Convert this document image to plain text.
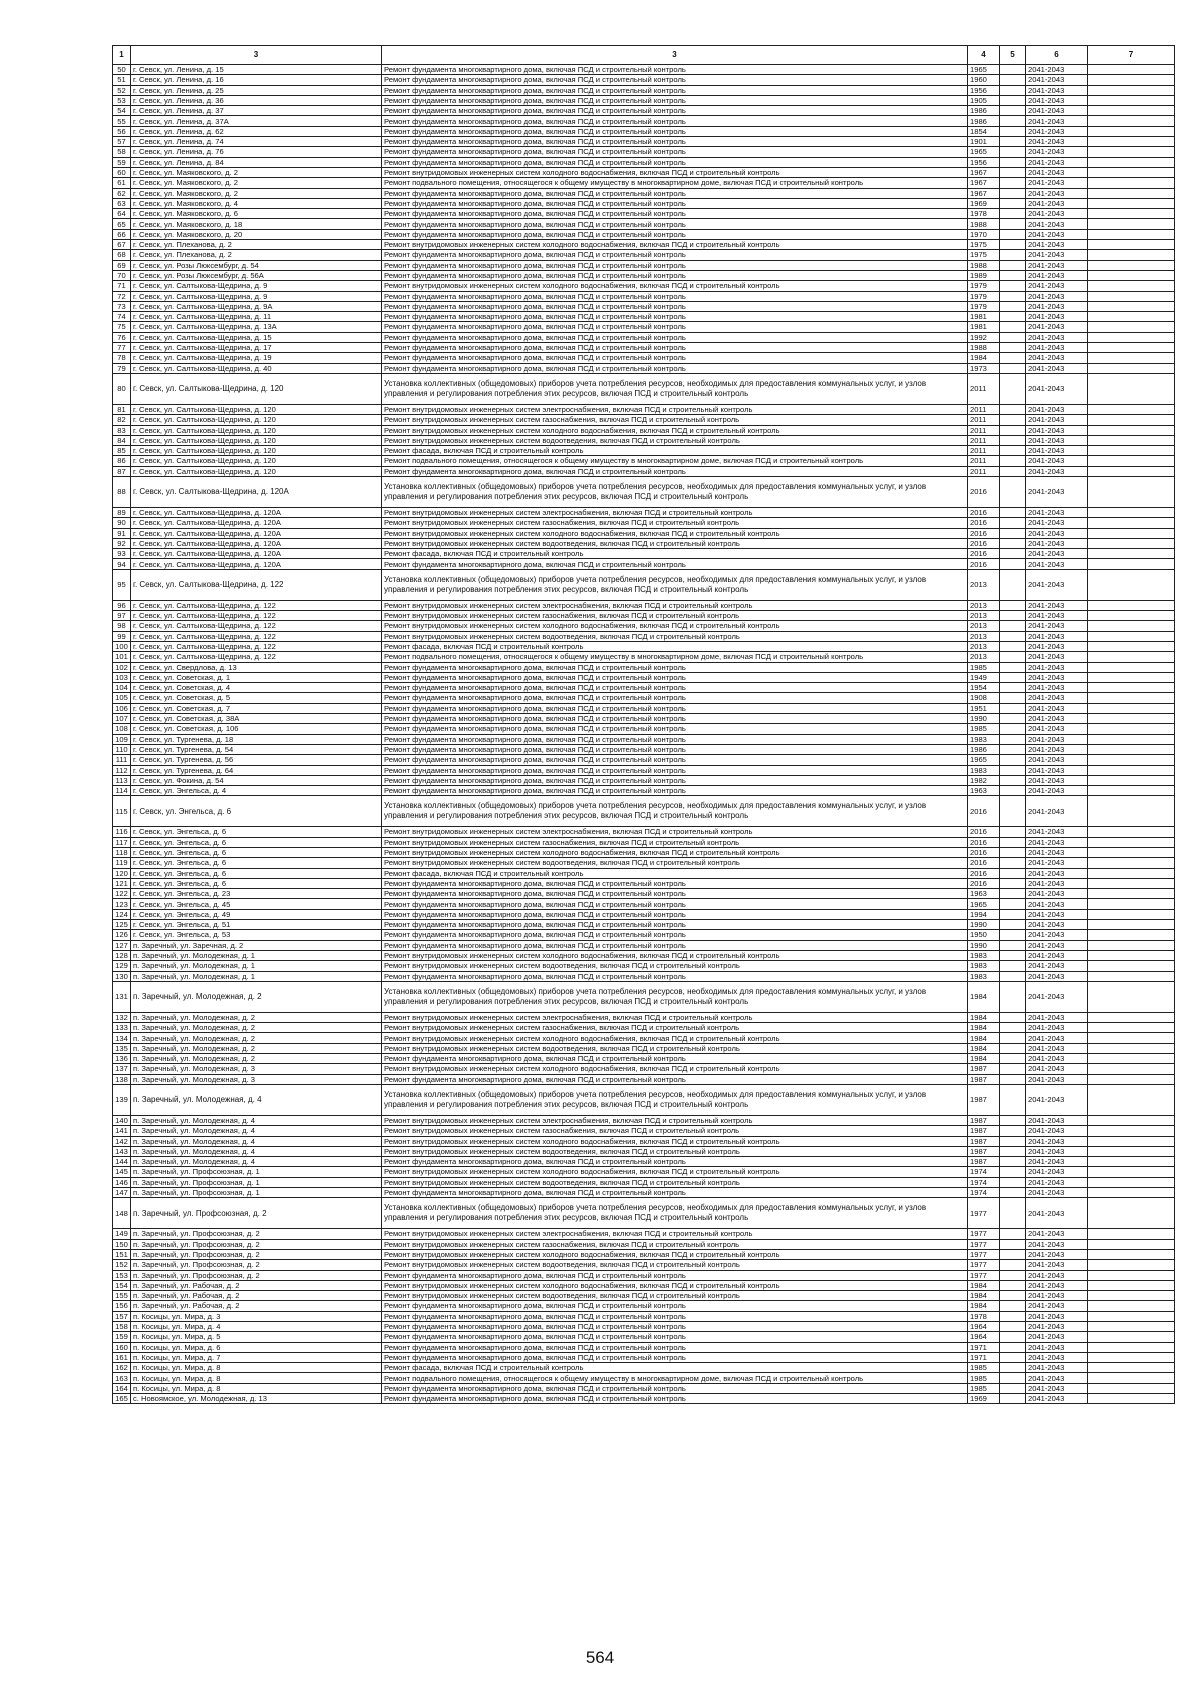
1	3	3	4	5	6	7
50	г. Севск, ул. Ленина, д. 15	Ремонт фундамента многоквартирного дома, включая ПСД и строительный контроль	1965		2041-2043	
51	г. Севск, ул. Ленина, д. 16	Ремонт фундамента многоквартирного дома, включая ПСД и строительный контроль	1960		2041-2043	
52	г. Севск, ул. Ленина, д. 25	Ремонт фундамента многоквартирного дома, включая ПСД и строительный контроль	1956		2041-2043	
53	г. Севск, ул. Ленина, д. 36	Ремонт фундамента многоквартирного дома, включая ПСД и строительный контроль	1905		2041-2043	
54	г. Севск, ул. Ленина, д. 37	Ремонт фундамента многоквартирного дома, включая ПСД и строительный контроль	1986		2041-2043	
55	г. Севск, ул. Ленина, д. 37А	Ремонт фундамента многоквартирного дома, включая ПСД и строительный контроль	1986		2041-2043	
56	г. Севск, ул. Ленина, д. 62	Ремонт фундамента многоквартирного дома, включая ПСД и строительный контроль	1854		2041-2043	
57	г. Севск, ул. Ленина, д. 74	Ремонт фундамента многоквартирного дома, включая ПСД и строительный контроль	1901		2041-2043	
58	г. Севск, ул. Ленина, д. 76	Ремонт фундамента многоквартирного дома, включая ПСД и строительный контроль	1965		2041-2043	
59	г. Севск, ул. Ленина, д. 84	Ремонт фундамента многоквартирного дома, включая ПСД и строительный контроль	1956		2041-2043	
60	г. Севск, ул. Маяковского, д. 2	Ремонт внутридомовых инженерных систем холодного водоснабжения, включая ПСД и строительный контроль	1967		2041-2043	
61	г. Севск, ул. Маяковского, д. 2	Ремонт подвального помещения, относящегося к общему имуществу в многоквартирном доме, включая ПСД и строительный контроль	1967		2041-2043	
62	г. Севск, ул. Маяковского, д. 2	Ремонт фундамента многоквартирного дома, включая ПСД и строительный контроль	1967		2041-2043	
63	г. Севск, ул. Маяковского, д. 4	Ремонт фундамента многоквартирного дома, включая ПСД и строительный контроль	1969		2041-2043	
64	г. Севск, ул. Маяковского, д. 6	Ремонт фундамента многоквартирного дома, включая ПСД и строительный контроль	1978		2041-2043	
65	г. Севск, ул. Маяковского, д. 18	Ремонт фундамента многоквартирного дома, включая ПСД и строительный контроль	1988		2041-2043	
66	г. Севск, ул. Маяковского, д. 20	Ремонт фундамента многоквартирного дома, включая ПСД и строительный контроль	1970		2041-2043	
67	г. Севск, ул. Плеханова, д. 2	Ремонт внутридомовых инженерных систем холодного водоснабжения, включая ПСД и строительный контроль	1975		2041-2043	
68	г. Севск, ул. Плеханова, д. 2	Ремонт фундамента многоквартирного дома, включая ПСД и строительный контроль	1975		2041-2043	
69	г. Севск, ул. Розы Люксембург, д. 54	Ремонт фундамента многоквартирного дома, включая ПСД и строительный контроль	1988		2041-2043	
70	г. Севск, ул. Розы Люксембург, д. 56А	Ремонт фундамента многоквартирного дома, включая ПСД и строительный контроль	1989		2041-2043	
71	г. Севск, ул. Салтыкова-Щедрина, д. 9	Ремонт внутридомовых инженерных систем холодного водоснабжения, включая ПСД и строительный контроль	1979		2041-2043	
72	г. Севск, ул. Салтыкова-Щедрина, д. 9	Ремонт фундамента многоквартирного дома, включая ПСД и строительный контроль	1979		2041-2043	
73	г. Севск, ул. Салтыкова-Щедрина, д. 9А	Ремонт фундамента многоквартирного дома, включая ПСД и строительный контроль	1979		2041-2043	
74	г. Севск, ул. Салтыкова-Щедрина, д. 11	Ремонт фундамента многоквартирного дома, включая ПСД и строительный контроль	1981		2041-2043	
75	г. Севск, ул. Салтыкова-Щедрина, д. 13А	Ремонт фундамента многоквартирного дома, включая ПСД и строительный контроль	1981		2041-2043	
76	г. Севск, ул. Салтыкова-Щедрина, д. 15	Ремонт фундамента многоквартирного дома, включая ПСД и строительный контроль	1992		2041-2043	
77	г. Севск, ул. Салтыкова-Щедрина, д. 17	Ремонт фундамента многоквартирного дома, включая ПСД и строительный контроль	1988		2041-2043	
78	г. Севск, ул. Салтыкова-Щедрина, д. 19	Ремонт фундамента многоквартирного дома, включая ПСД и строительный контроль	1984		2041-2043	
79	г. Севск, ул. Салтыкова-Щедрина, д. 40	Ремонт фундамента многоквартирного дома, включая ПСД и строительный контроль	1973		2041-2043	
80	г. Севск, ул. Салтыкова-Щедрина, д. 120	Установка коллективных (общедомовых) приборов учета потребления ресурсов, необходимых для предоставления коммунальных услуг, и узлов управления и регулирования потребления этих ресурсов, включая ПСД и строительный контроль	2011		2041-2043	
81	г. Севск, ул. Салтыкова-Щедрина, д. 120	Ремонт внутридомовых инженерных систем электроснабжения, включая ПСД и строительный контроль	2011		2041-2043	
82	г. Севск, ул. Салтыкова-Щедрина, д. 120	Ремонт внутридомовых инженерных систем газоснабжения, включая ПСД и строительный контроль	2011		2041-2043	
83	г. Севск, ул. Салтыкова-Щедрина, д. 120	Ремонт внутридомовых инженерных систем холодного водоснабжения, включая ПСД и строительный контроль	2011		2041-2043	
84	г. Севск, ул. Салтыкова-Щедрина, д. 120	Ремонт внутридомовых инженерных систем водоотведения, включая ПСД и строительный контроль	2011		2041-2043	
85	г. Севск, ул. Салтыкова-Щедрина, д. 120	Ремонт фасада, включая ПСД и строительный контроль	2011		2041-2043	
86	г. Севск, ул. Салтыкова-Щедрина, д. 120	Ремонт подвального помещения, относящегося к общему имуществу в многоквартирном доме, включая ПСД и строительный контроль	2011		2041-2043	
87	г. Севск, ул. Салтыкова-Щедрина, д. 120	Ремонт фундамента многоквартирного дома, включая ПСД и строительный контроль	2011		2041-2043	
88	г. Севск, ул. Салтыкова-Щедрина, д. 120А	Установка коллективных (общедомовых) приборов учета потребления ресурсов, необходимых для предоставления коммунальных услуг, и узлов управления и регулирования потребления этих ресурсов, включая ПСД и строительный контроль	2016		2041-2043	
89	г. Севск, ул. Салтыкова-Щедрина, д. 120А	Ремонт внутридомовых инженерных систем электроснабжения, включая ПСД и строительный контроль	2016		2041-2043	
90	г. Севск, ул. Салтыкова-Щедрина, д. 120А	Ремонт внутридомовых инженерных систем газоснабжения, включая ПСД и строительный контроль	2016		2041-2043	
91	г. Севск, ул. Салтыкова-Щедрина, д. 120А	Ремонт внутридомовых инженерных систем холодного водоснабжения, включая ПСД и строительный контроль	2016		2041-2043	
92	г. Севск, ул. Салтыкова-Щедрина, д. 120А	Ремонт внутридомовых инженерных систем водоотведения, включая ПСД и строительный контроль	2016		2041-2043	
93	г. Севск, ул. Салтыкова-Щедрина, д. 120А	Ремонт фасада, включая ПСД и строительный контроль	2016		2041-2043	
94	г. Севск, ул. Салтыкова-Щедрина, д. 120А	Ремонт фундамента многоквартирного дома, включая ПСД и строительный контроль	2016		2041-2043	
95	г. Севск, ул. Салтыкова-Щедрина, д. 122	Установка коллективных (общедомовых) приборов учета потребления ресурсов, необходимых для предоставления коммунальных услуг, и узлов управления и регулирования потребления этих ресурсов, включая ПСД и строительный контроль	2013		2041-2043	
96	г. Севск, ул. Салтыкова-Щедрина, д. 122	Ремонт внутридомовых инженерных систем электроснабжения, включая ПСД и строительный контроль	2013		2041-2043	
97	г. Севск, ул. Салтыкова-Щедрина, д. 122	Ремонт внутридомовых инженерных систем газоснабжения, включая ПСД и строительный контроль	2013		2041-2043	
98	г. Севск, ул. Салтыкова-Щедрина, д. 122	Ремонт внутридомовых инженерных систем холодного водоснабжения, включая ПСД и строительный контроль	2013		2041-2043	
99	г. Севск, ул. Салтыкова-Щедрина, д. 122	Ремонт внутридомовых инженерных систем водоотведения, включая ПСД и строительный контроль	2013		2041-2043	
100	г. Севск, ул. Салтыкова-Щедрина, д. 122	Ремонт фасада, включая ПСД и строительный контроль	2013		2041-2043	
101	г. Севск, ул. Салтыкова-Щедрина, д. 122	Ремонт подвального помещения, относящегося к общему имуществу в многоквартирном доме, включая ПСД и строительный контроль	2013		2041-2043	
102	г. Севск, ул. Свердлова, д. 13	Ремонт фундамента многоквартирного дома, включая ПСД и строительный контроль	1985		2041-2043	
103	г. Севск, ул. Советская, д. 1	Ремонт фундамента многоквартирного дома, включая ПСД и строительный контроль	1949		2041-2043	
104	г. Севск, ул. Советская, д. 4	Ремонт фундамента многоквартирного дома, включая ПСД и строительный контроль	1954		2041-2043	
105	г. Севск, ул. Советская, д. 5	Ремонт фундамента многоквартирного дома, включая ПСД и строительный контроль	1908		2041-2043	
106	г. Севск, ул. Советская, д. 7	Ремонт фундамента многоквартирного дома, включая ПСД и строительный контроль	1951		2041-2043	
107	г. Севск, ул. Советская, д. 38А	Ремонт фундамента многоквартирного дома, включая ПСД и строительный контроль	1990		2041-2043	
108	г. Севск, ул. Советская, д. 106	Ремонт фундамента многоквартирного дома, включая ПСД и строительный контроль	1985		2041-2043	
109	г. Севск, ул. Тургенева, д. 18	Ремонт фундамента многоквартирного дома, включая ПСД и строительный контроль	1983		2041-2043	
110	г. Севск, ул. Тургенева, д. 54	Ремонт фундамента многоквартирного дома, включая ПСД и строительный контроль	1986		2041-2043	
111	г. Севск, ул. Тургенева, д. 56	Ремонт фундамента многоквартирного дома, включая ПСД и строительный контроль	1965		2041-2043	
112	г. Севск, ул. Тургенева, д. 64	Ремонт фундамента многоквартирного дома, включая ПСД и строительный контроль	1983		2041-2043	
113	г. Севск, ул. Фокина, д. 54	Ремонт фундамента многоквартирного дома, включая ПСД и строительный контроль	1982		2041-2043	
114	г. Севск, ул. Энгельса, д. 4	Ремонт фундамента многоквартирного дома, включая ПСД и строительный контроль	1963		2041-2043	
115	г. Севск, ул. Энгельса, д. 6	Установка коллективных (общедомовых) приборов учета потребления ресурсов, необходимых для предоставления коммунальных услуг, и узлов управления и регулирования потребления этих ресурсов, включая ПСД и строительный контроль	2016		2041-2043	
116	г. Севск, ул. Энгельса, д. 6	Ремонт внутридомовых инженерных систем электроснабжения, включая ПСД и строительный контроль	2016		2041-2043	
117	г. Севск, ул. Энгельса, д. 6	Ремонт внутридомовых инженерных систем газоснабжения, включая ПСД и строительный контроль	2016		2041-2043	
118	г. Севск, ул. Энгельса, д. 6	Ремонт внутридомовых инженерных систем холодного водоснабжения, включая ПСД и строительный контроль	2016		2041-2043	
119	г. Севск, ул. Энгельса, д. 6	Ремонт внутридомовых инженерных систем водоотведения, включая ПСД и строительный контроль	2016		2041-2043	
120	г. Севск, ул. Энгельса, д. 6	Ремонт фасада, включая ПСД и строительный контроль	2016		2041-2043	
121	г. Севск, ул. Энгельса, д. 6	Ремонт фундамента многоквартирного дома, включая ПСД и строительный контроль	2016		2041-2043	
122	г. Севск, ул. Энгельса, д. 23	Ремонт фундамента многоквартирного дома, включая ПСД и строительный контроль	1963		2041-2043	
123	г. Севск, ул. Энгельса, д. 45	Ремонт фундамента многоквартирного дома, включая ПСД и строительный контроль	1965		2041-2043	
124	г. Севск, ул. Энгельса, д. 49	Ремонт фундамента многоквартирного дома, включая ПСД и строительный контроль	1994		2041-2043	
125	г. Севск, ул. Энгельса, д. 51	Ремонт фундамента многоквартирного дома, включая ПСД и строительный контроль	1990		2041-2043	
126	г. Севск, ул. Энгельса, д. 53	Ремонт фундамента многоквартирного дома, включая ПСД и строительный контроль	1950		2041-2043	
127	п. Заречный, ул. Заречная, д. 2	Ремонт фундамента многоквартирного дома, включая ПСД и строительный контроль	1990		2041-2043	
128	п. Заречный, ул. Молодежная, д. 1	Ремонт внутридомовых инженерных систем холодного водоснабжения, включая ПСД и строительный контроль	1983		2041-2043	
129	п. Заречный, ул. Молодежная, д. 1	Ремонт внутридомовых инженерных систем водоотведения, включая ПСД и строительный контроль	1983		2041-2043	
130	п. Заречный, ул. Молодежная, д. 1	Ремонт фундамента многоквартирного дома, включая ПСД и строительный контроль	1983		2041-2043	
131	п. Заречный, ул. Молодежная, д. 2	Установка коллективных (общедомовых) приборов учета потребления ресурсов, необходимых для предоставления коммунальных услуг, и узлов управления и регулирования потребления этих ресурсов, включая ПСД и строительный контроль	1984		2041-2043	
132	п. Заречный, ул. Молодежная, д. 2	Ремонт внутридомовых инженерных систем электроснабжения, включая ПСД и строительный контроль	1984		2041-2043	
133	п. Заречный, ул. Молодежная, д. 2	Ремонт внутридомовых инженерных систем газоснабжения, включая ПСД и строительный контроль	1984		2041-2043	
134	п. Заречный, ул. Молодежная, д. 2	Ремонт внутридомовых инженерных систем холодного водоснабжения, включая ПСД и строительный контроль	1984		2041-2043	
135	п. Заречный, ул. Молодежная, д. 2	Ремонт внутридомовых инженерных систем водоотведения, включая ПСД и строительный контроль	1984		2041-2043	
136	п. Заречный, ул. Молодежная, д. 2	Ремонт фундамента многоквартирного дома, включая ПСД и строительный контроль	1984		2041-2043	
137	п. Заречный, ул. Молодежная, д. 3	Ремонт внутридомовых инженерных систем холодного водоснабжения, включая ПСД и строительный контроль	1987		2041-2043	
138	п. Заречный, ул. Молодежная, д. 3	Ремонт фундамента многоквартирного дома, включая ПСД и строительный контроль	1987		2041-2043	
139	п. Заречный, ул. Молодежная, д. 4	Установка коллективных (общедомовых) приборов учета потребления ресурсов, необходимых для предоставления коммунальных услуг, и узлов управления и регулирования потребления этих ресурсов, включая ПСД и строительный контроль	1987		2041-2043	
140	п. Заречный, ул. Молодежная, д. 4	Ремонт внутридомовых инженерных систем электроснабжения, включая ПСД и строительный контроль	1987		2041-2043	
141	п. Заречный, ул. Молодежная, д. 4	Ремонт внутридомовых инженерных систем газоснабжения, включая ПСД и строительный контроль	1987		2041-2043	
142	п. Заречный, ул. Молодежная, д. 4	Ремонт внутридомовых инженерных систем холодного водоснабжения, включая ПСД и строительный контроль	1987		2041-2043	
143	п. Заречный, ул. Молодежная, д. 4	Ремонт внутридомовых инженерных систем водоотведения, включая ПСД и строительный контроль	1987		2041-2043	
144	п. Заречный, ул. Молодежная, д. 4	Ремонт фундамента многоквартирного дома, включая ПСД и строительный контроль	1987		2041-2043	
145	п. Заречный, ул. Профсоюзная, д. 1	Ремонт внутридомовых инженерных систем холодного водоснабжения, включая ПСД и строительный контроль	1974		2041-2043	
146	п. Заречный, ул. Профсоюзная, д. 1	Ремонт внутридомовых инженерных систем водоотведения, включая ПСД и строительный контроль	1974		2041-2043	
147	п. Заречный, ул. Профсоюзная, д. 1	Ремонт фундамента многоквартирного дома, включая ПСД и строительный контроль	1974		2041-2043	
148	п. Заречный, ул. Профсоюзная, д. 2	Установка коллективных (общедомовых) приборов учета потребления ресурсов, необходимых для предоставления коммунальных услуг, и узлов управления и регулирования потребления этих ресурсов, включая ПСД и строительный контроль	1977		2041-2043	
149	п. Заречный, ул. Профсоюзная, д. 2	Ремонт внутридомовых инженерных систем электроснабжения, включая ПСД и строительный контроль	1977		2041-2043	
150	п. Заречный, ул. Профсоюзная, д. 2	Ремонт внутридомовых инженерных систем газоснабжения, включая ПСД и строительный контроль	1977		2041-2043	
151	п. Заречный, ул. Профсоюзная, д. 2	Ремонт внутридомовых инженерных систем холодного водоснабжения, включая ПСД и строительный контроль	1977		2041-2043	
152	п. Заречный, ул. Профсоюзная, д. 2	Ремонт внутридомовых инженерных систем водоотведения, включая ПСД и строительный контроль	1977		2041-2043	
153	п. Заречный, ул. Профсоюзная, д. 2	Ремонт фундамента многоквартирного дома, включая ПСД и строительный контроль	1977		2041-2043	
154	п. Заречный, ул. Рабочая, д. 2	Ремонт внутридомовых инженерных систем холодного водоснабжения, включая ПСД и строительный контроль	1984		2041-2043	
155	п. Заречный, ул. Рабочая, д. 2	Ремонт внутридомовых инженерных систем водоотведения, включая ПСД и строительный контроль	1984		2041-2043	
156	п. Заречный, ул. Рабочая, д. 2	Ремонт фундамента многоквартирного дома, включая ПСД и строительный контроль	1984		2041-2043	
157	п. Косицы, ул. Мира, д. 3	Ремонт фундамента многоквартирного дома, включая ПСД и строительный контроль	1978		2041-2043	
158	п. Косицы, ул. Мира, д. 4	Ремонт фундамента многоквартирного дома, включая ПСД и строительный контроль	1964		2041-2043	
159	п. Косицы, ул. Мира, д. 5	Ремонт фундамента многоквартирного дома, включая ПСД и строительный контроль	1964		2041-2043	
160	п. Косицы, ул. Мира, д. 6	Ремонт фундамента многоквартирного дома, включая ПСД и строительный контроль	1971		2041-2043	
161	п. Косицы, ул. Мира, д. 7	Ремонт фундамента многоквартирного дома, включая ПСД и строительный контроль	1971		2041-2043	
162	п. Косицы, ул. Мира, д. 8	Ремонт фасада, включая ПСД и строительный контроль	1985		2041-2043	
163	п. Косицы, ул. Мира, д. 8	Ремонт подвального помещения, относящегося к общему имуществу в многоквартирном доме, включая ПСД и строительный контроль	1985		2041-2043	
164	п. Косицы, ул. Мира, д. 8	Ремонт фундамента многоквартирного дома, включая ПСД и строительный контроль	1985		2041-2043	
165	с. Новоямское, ул. Молодежная, д. 13	Ремонт фундамента многоквартирного дома, включая ПСД и строительный контроль	1969		2041-2043	
564
